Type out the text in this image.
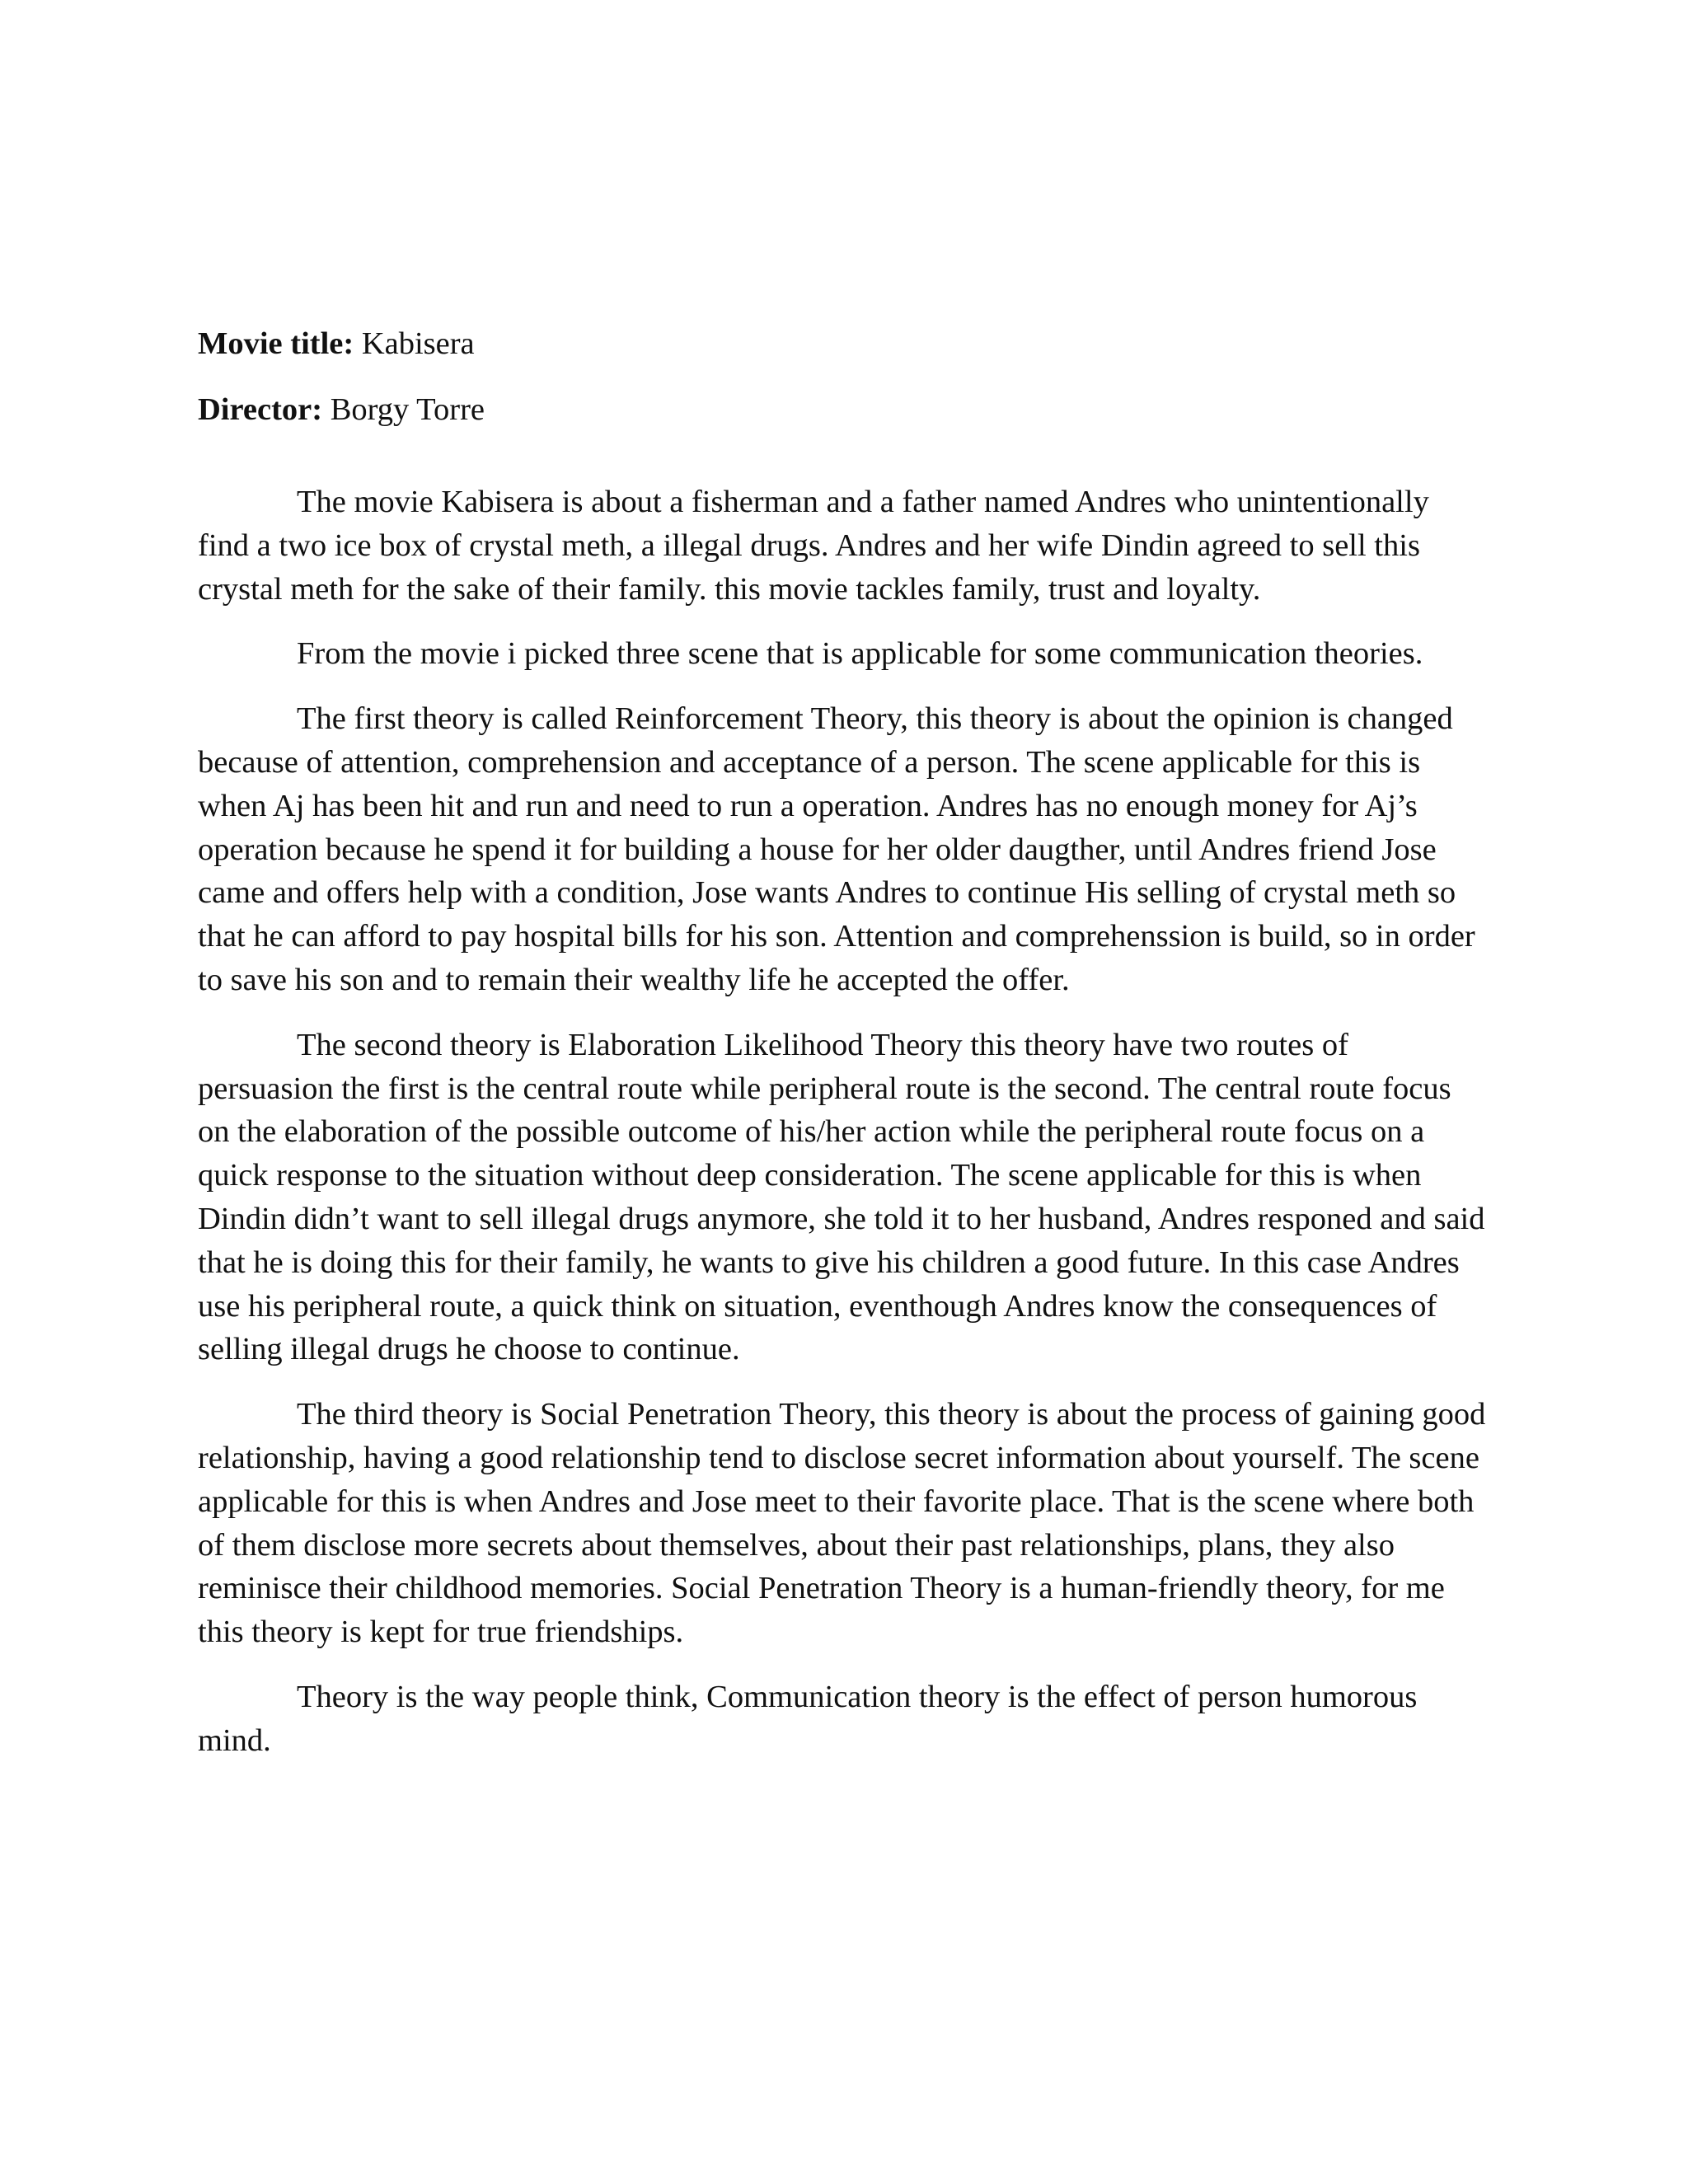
Movie title: Kabisera

Director: Borgy Torre

The movie Kabisera is about a fisherman and a father named Andres who unintentionally find a two ice box of crystal meth, a illegal drugs. Andres and her wife Dindin agreed to sell this crystal meth for the sake of their family. this movie tackles family, trust and loyalty.

From the movie i picked three scene that is applicable for some communication theories.

The first theory is called Reinforcement Theory, this theory is about the opinion is changed because of attention, comprehension and acceptance of a person. The scene applicable for this is when Aj has been hit and run and need to run a operation. Andres has no enough money for Aj’s operation because he spend it for building a house for her older daugther, until Andres friend Jose came and offers help with a condition, Jose wants Andres to continue His selling of crystal meth so that he can afford to pay hospital bills for his son. Attention and comprehenssion is build, so in order to save his son and to remain their wealthy life he accepted the offer.

The second theory is Elaboration Likelihood Theory this theory have two routes of persuasion the first is the central route while peripheral route is the second. The central route focus on the elaboration of the possible outcome of his/her action while the peripheral route focus on a quick response to the situation without deep consideration. The scene applicable for this is when Dindin didn’t want to sell illegal drugs anymore, she told it to her husband, Andres responed and said that he is doing this for their family, he wants to give his children a good future. In this case Andres use his peripheral route, a quick think on situation, eventhough Andres know the consequences of selling illegal drugs he choose to continue.

The third theory is Social Penetration Theory, this theory is about the process of gaining good relationship, having a good relationship tend to disclose secret information about yourself. The scene applicable for this is when Andres and Jose meet to their favorite place. That is the scene where both of them disclose more secrets about themselves, about their past relationships, plans, they also reminisce their childhood memories. Social Penetration Theory is a human-friendly theory, for me this theory is kept for true friendships.

Theory is the way people think, Communication theory is the effect of person humorous mind.
